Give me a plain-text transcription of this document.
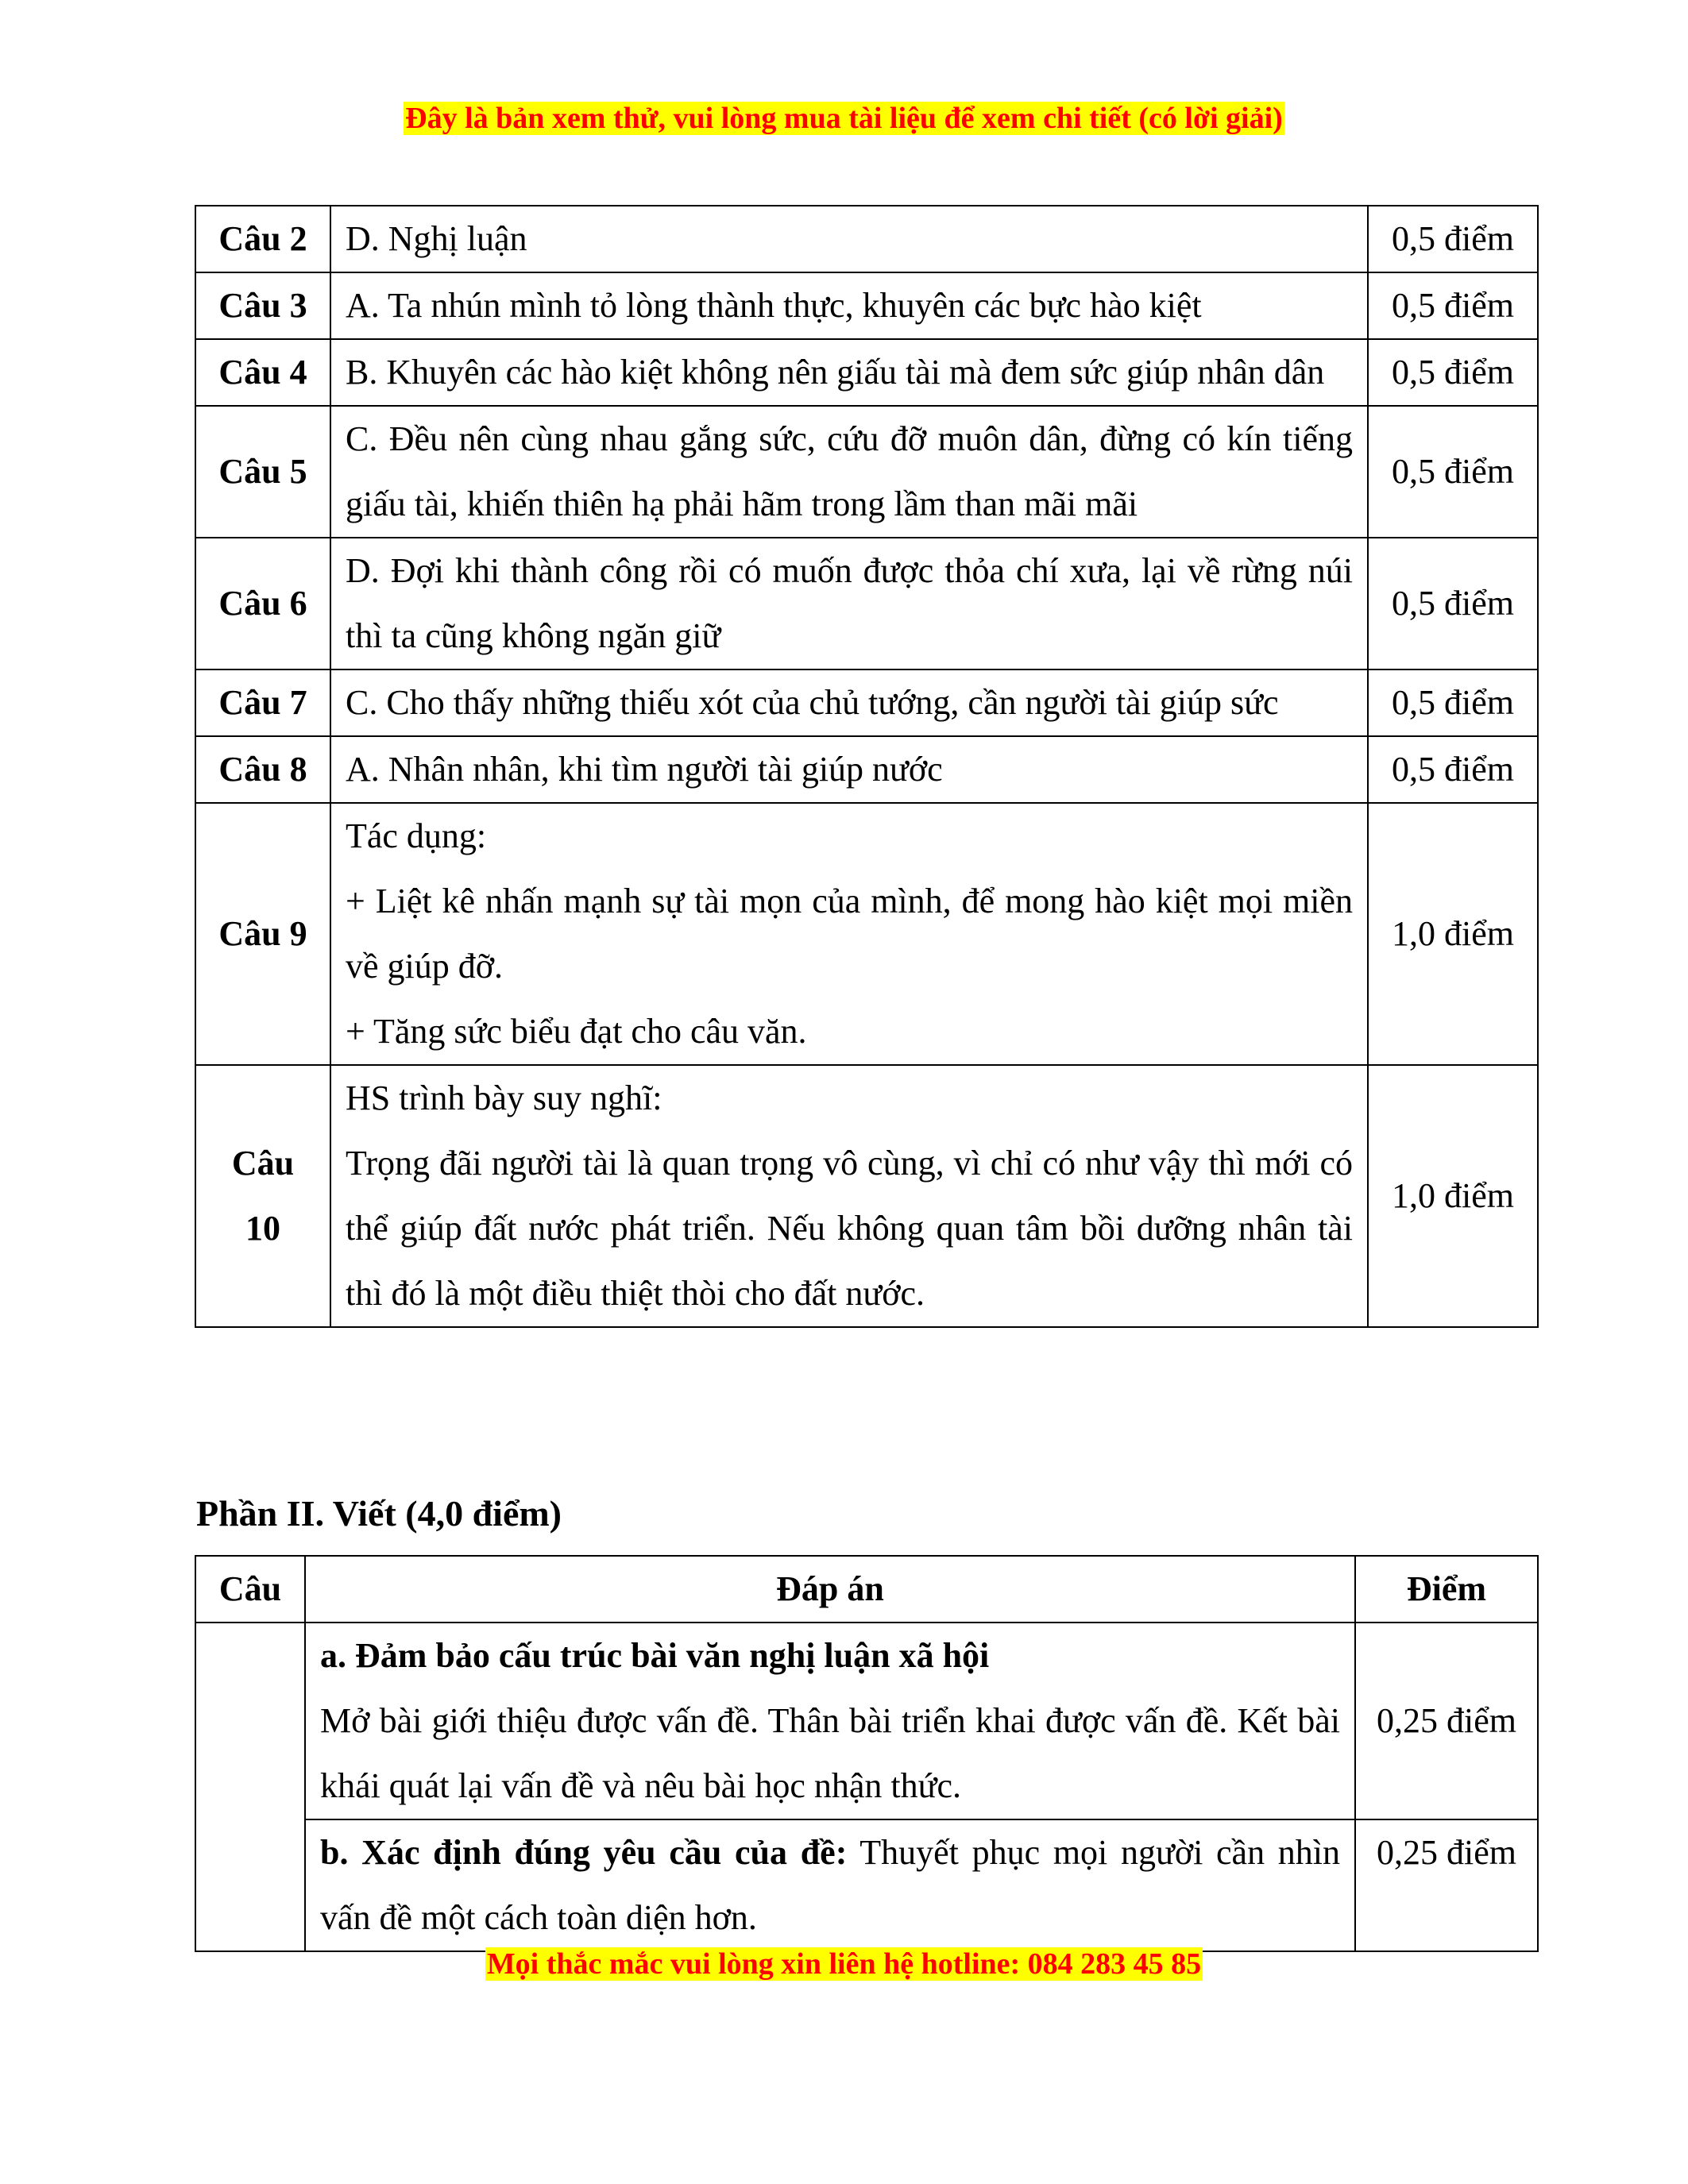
Đây là bản xem thử, vui lòng mua tài liệu để xem chi tiết (có lời giải)
Câu 2	D. Nghị luận	0,5 điểm
Câu 3	A. Ta nhún mình tỏ lòng thành thực, khuyên các bực hào kiệt	0,5 điểm
Câu 4	B. Khuyên các hào kiệt không nên giấu tài mà đem sức giúp nhân dân	0,5 điểm
Câu 5	C. Đều nên cùng nhau gắng sức, cứu đỡ muôn dân, đừng có kín tiếng giấu tài, khiến thiên hạ phải hãm trong lầm than mãi mãi	0,5 điểm
Câu 6	D. Đợi khi thành công rồi có muốn được thỏa chí xưa, lại về rừng núi thì ta cũng không ngăn giữ	0,5 điểm
Câu 7	C. Cho thấy những thiếu xót của chủ tướng, cần người tài giúp sức	0,5 điểm
Câu 8	A. Nhân nhân, khi tìm người tài giúp nước	0,5 điểm
Câu 9	Tác dụng:
+ Liệt kê nhấn mạnh sự tài mọn của mình, để mong hào kiệt mọi miền về giúp đỡ.
+ Tăng sức biểu đạt cho câu văn.	1,0 điểm

Câu
10	HS trình bày suy nghĩ:
Trọng đãi người tài là quan trọng vô cùng, vì chỉ có như vậy thì mới có thể giúp đất nước phát triển. Nếu không quan tâm bồi dưỡng nhân tài thì đó là một điều thiệt thòi cho đất nước.	1,0 điểm
Phần II. Viết (4,0 điểm)
Câu	Đáp án	Điểm

	a. Đảm bảo cấu trúc bài văn nghị luận xã hội
Mở bài giới thiệu được vấn đề. Thân bài triển khai được vấn đề. Kết bài khái quát lại vấn đề và nêu bài học nhận thức.	0,25 điểm
	b. Xác định đúng yêu cầu của đề: Thuyết phục mọi người cần nhìn vấn đề một cách toàn diện hơn.	0,25 điểm
Mọi thắc mắc vui lòng xin liên hệ hotline: 084 283 45 85
